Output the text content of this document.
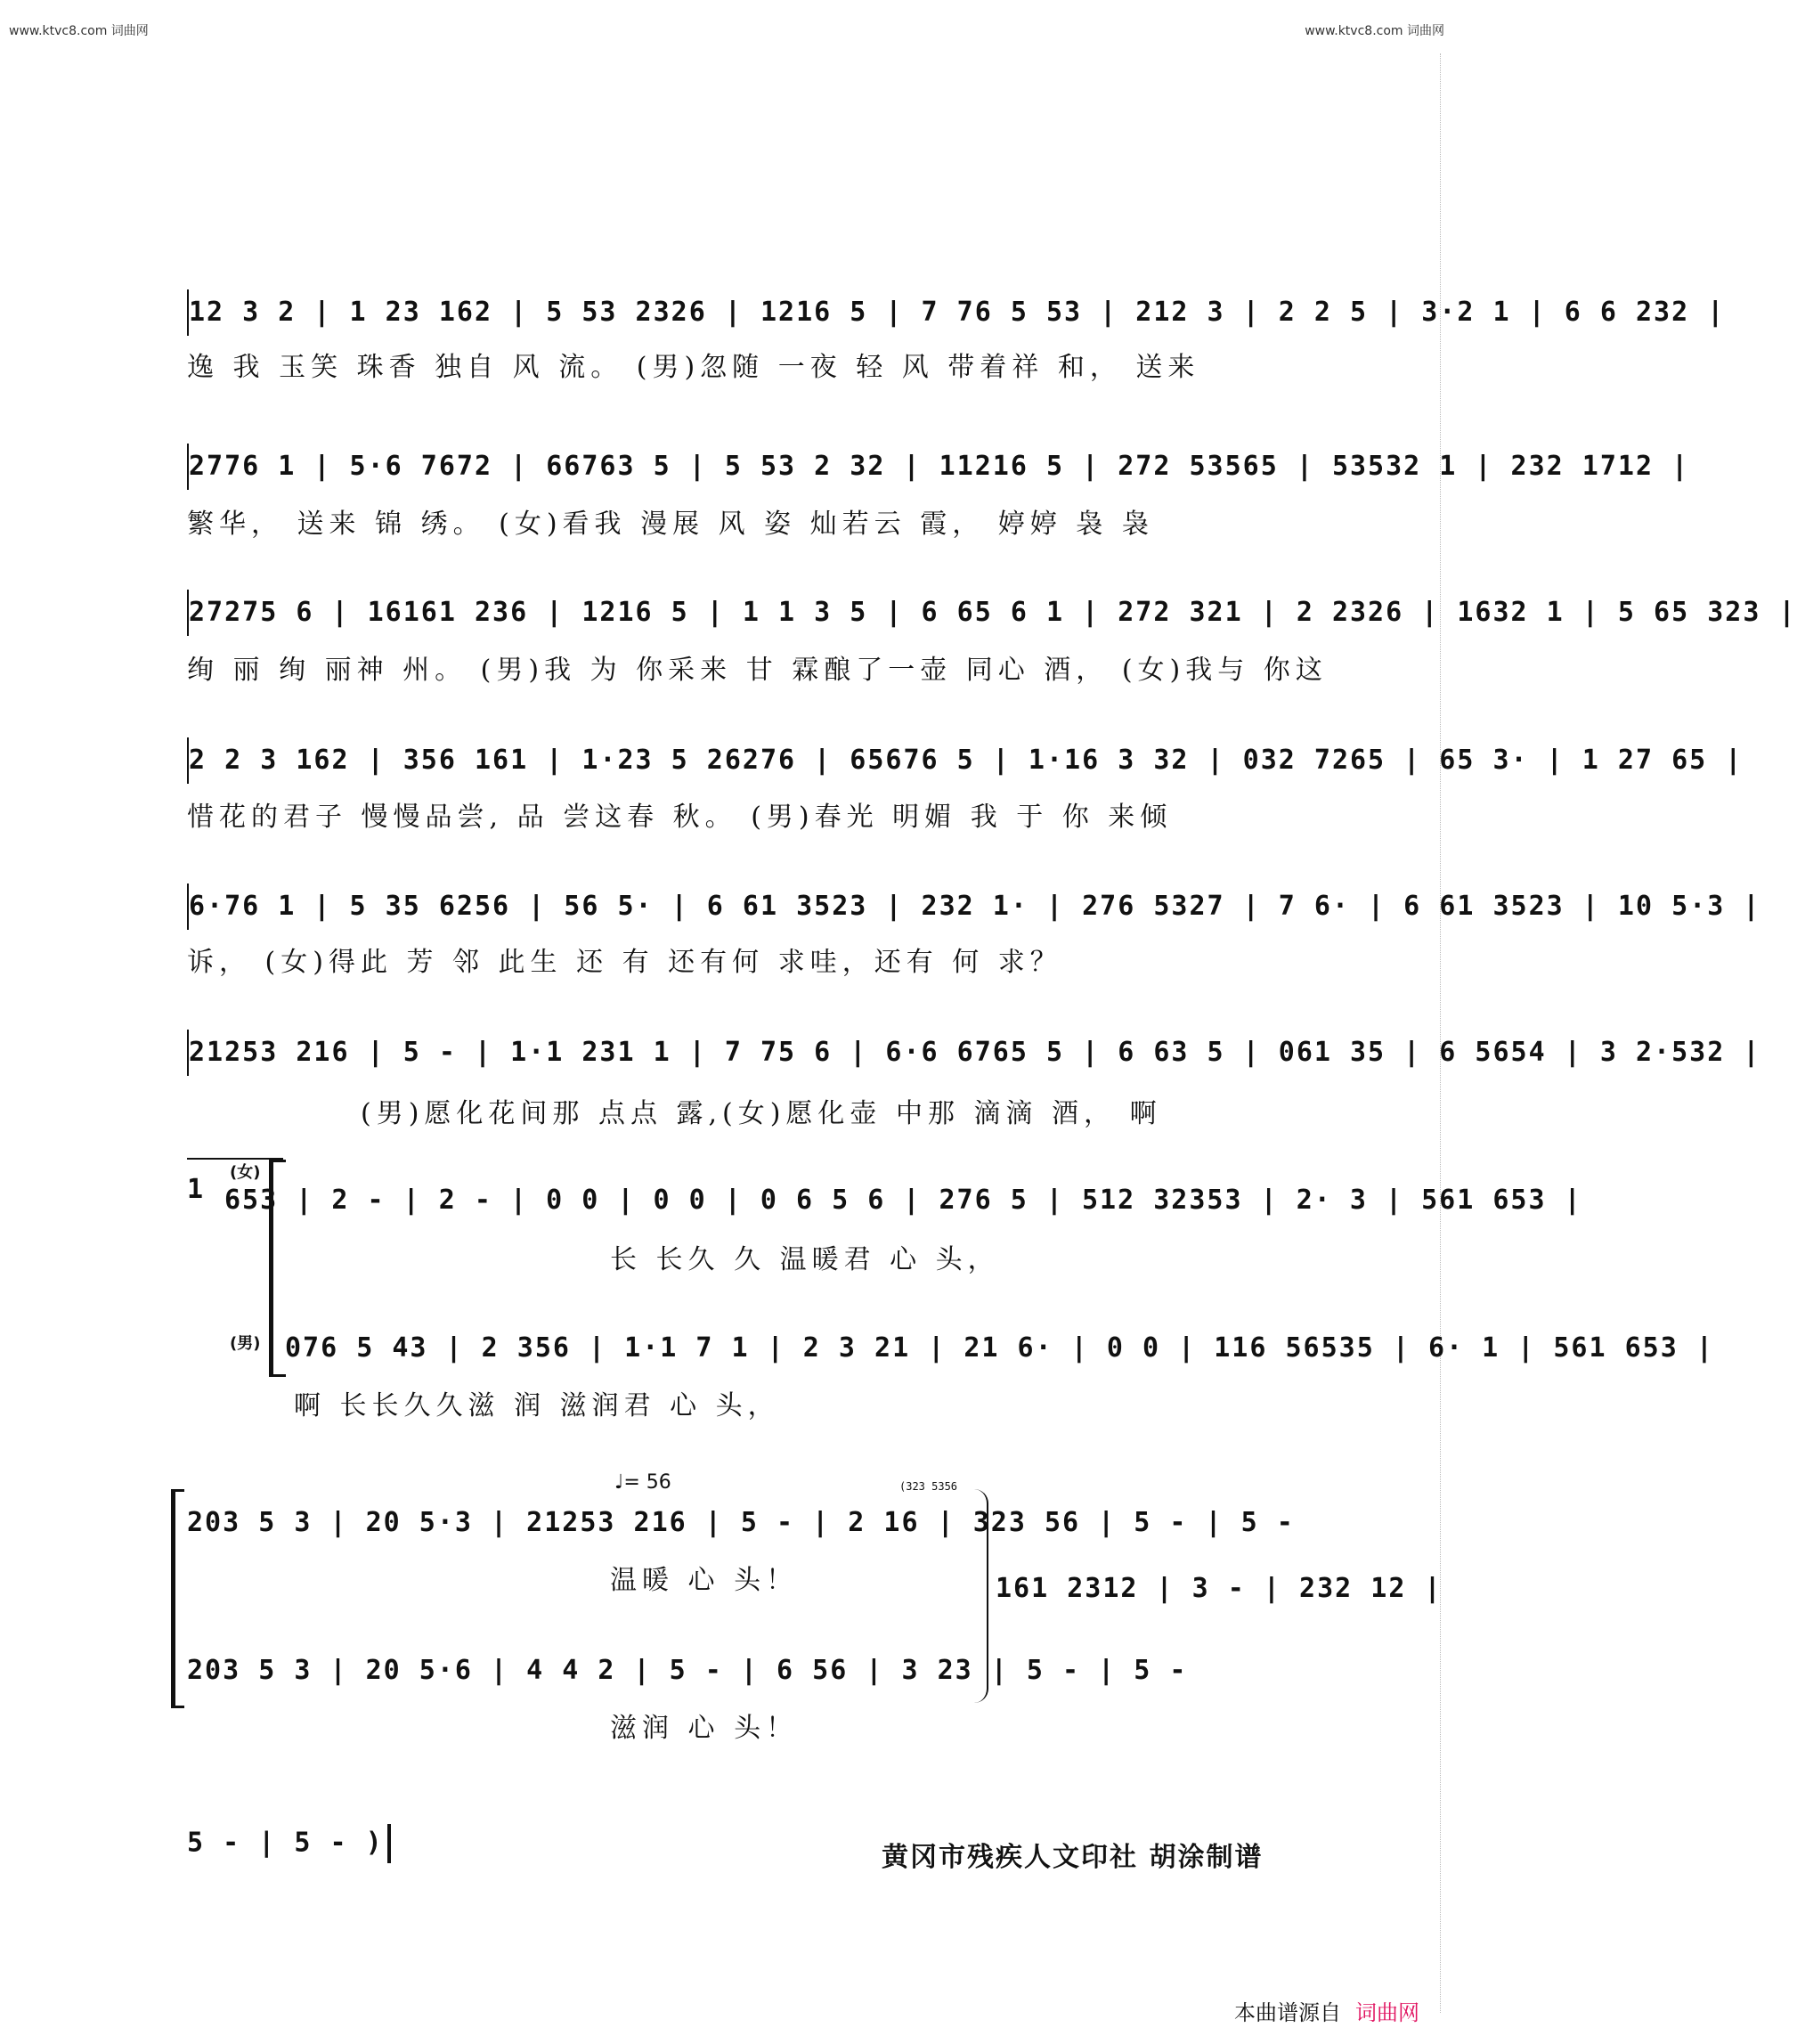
www.ktvc8.com 词曲网	www.ktvc8.com 词曲网
12 3 2 | 1 23 162 | 5 53 2326 | 1216 5 | 7 76 5 53 | 212 3 | 2 2 5 | 3·2 1 | 6 6 232 |
逸 我 玉笑 珠香 独自 风 流。 (男)忽随 一夜 轻 风 带着祥 和， 送来
2776 1 | 5·6 7672 | 66763 5 | 5 53 2 32 | 11216 5 | 272 53565 | 53532 1 | 232 1712 |
繁华， 送来 锦 绣。 (女)看我 漫展 风 姿 灿若云 霞， 婷婷 袅 袅
27275 6 | 16161 236 | 1216 5 | 1 1 3 5 | 6 65 6 1 | 272 321 | 2 2326 | 1632 1 | 5 65 323 |
绚 丽 绚 丽神 州。 (男)我 为 你采来 甘 霖酿了一壶 同心 酒， (女)我与 你这
2 2 3 162 | 356 161 | 1·23 5 26276 | 65676 5 | 1·16 3 32 | 032 7265 | 65 3· | 1 27 65 |
惜花的君子 慢慢品尝, 品 尝这春 秋。 (男)春光 明媚 我 于 你 来倾
6·76 1 | 5 35 6256 | 56 5· | 6 61 3523 | 232 1· | 276 5327 | 7 6· | 6 61 3523 | 10 5·3 |
诉， (女)得此 芳 邻 此生 还 有 还有何 求哇，还有 何 求？
21253 216 | 5 - | 1·1 231 1 | 7 75 6 | 6·6 6765 5 | 6 63 5 | 061 35 | 6 5654 | 3 2·532 |
(男)愿化花间那 点点 露,(女)愿化壶 中那 滴滴 酒， 啊
1
(女)
653 | 2 - | 2 - | 0 0 | 0 0 | 0 6 5 6 | 276 5 | 512 32353 | 2· 3 | 561 653 |
长 长久 久 温暖君 心 头，
(男) 076 5 43 | 2 356 | 1·1 7 1 | 2 3 21 | 21 6· | 0 0 | 116 56535 | 6· 1 | 561 653 |
啊 长长久久滋 润 滋润君 心 头，
♩= 56	(323 5356
203 5 3 | 20 5·3 | 21253 216 | 5 - | 2 16 | 323 56 | 5 - | 5 -
温暖 心 头！	161 2312 | 3 - | 232 12 |
203 5 3 | 20 5·6 | 4 4 2 | 5 - | 6 56 | 3 23 | 5 - | 5 -
滋润 心 头！
5 - | 5 - )	黄冈市残疾人文印社 胡涂制谱
本曲谱源自 词曲网
